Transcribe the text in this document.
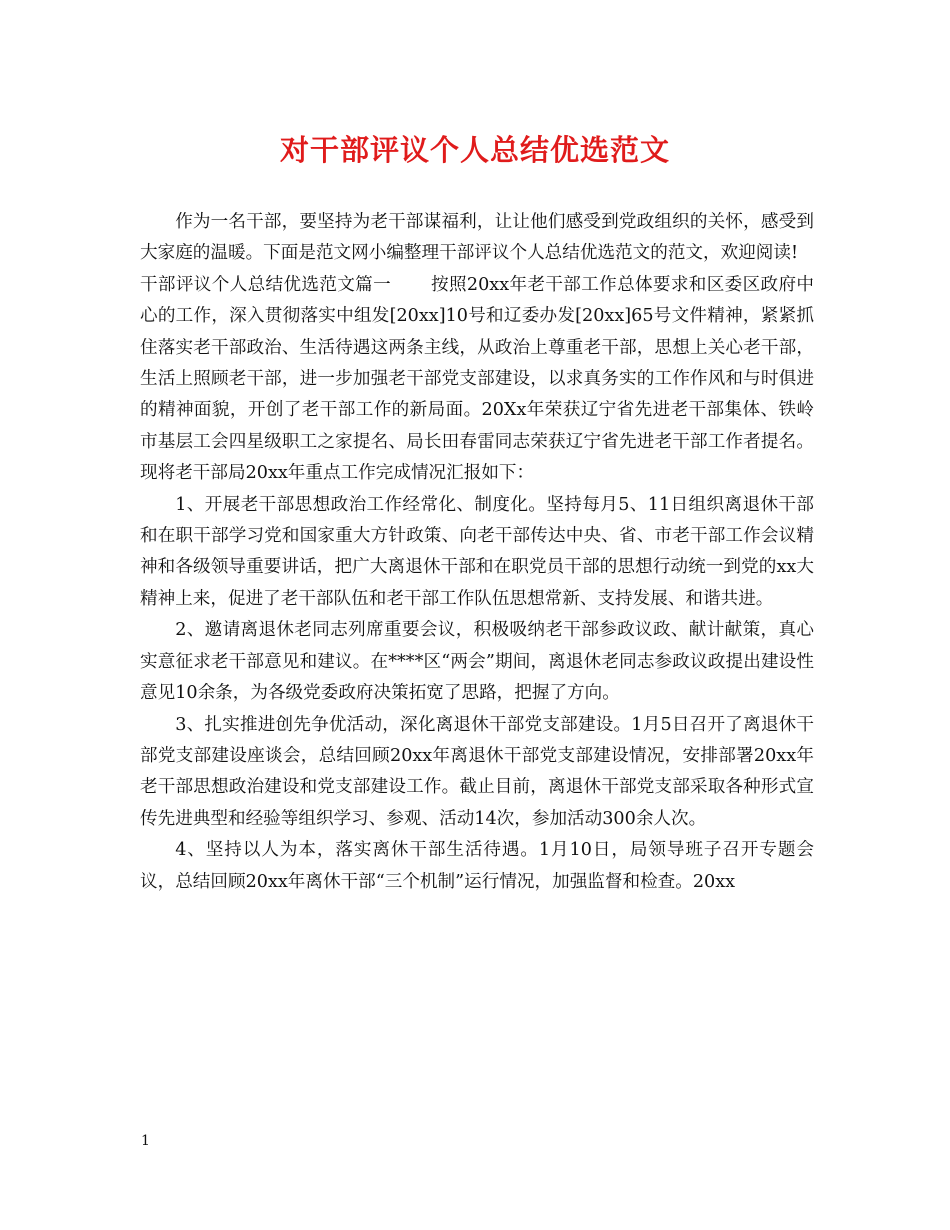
对干部评议个人总结优选范文

作为一名干部，要坚持为老干部谋福利，让让他们感受到党政组织的关怀，感受到大家庭的温暖。下面是范文网小编整理干部评议个人总结优选范文的范文，欢迎阅读!

干部评议个人总结优选范文篇一 按照20xx年老干部工作总体要求和区委区政府中心的工作，深入贯彻落实中组发[20xx]10号和辽委办发[20xx]65号文件精神，紧紧抓住落实老干部政治、生活待遇这两条主线，从政治上尊重老干部，思想上关心老干部，生活上照顾老干部，进一步加强老干部党支部建设，以求真务实的工作作风和与时俱进的精神面貌，开创了老干部工作的新局面。20Xx年荣获辽宁省先进老干部集体、铁岭市基层工会四星级职工之家提名、局长田春雷同志荣获辽宁省先进老干部工作者提名。现将老干部局20xx年重点工作完成情况汇报如下：

1、开展老干部思想政治工作经常化、制度化。坚持每月5、11日组织离退休干部和在职干部学习党和国家重大方针政策、向老干部传达中央、省、市老干部工作会议精神和各级领导重要讲话，把广大离退休干部和在职党员干部的思想行动统一到党的xx大精神上来，促进了老干部队伍和老干部工作队伍思想常新、支持发展、和谐共进。

2、邀请离退休老同志列席重要会议，积极吸纳老干部参政议政、献计献策，真心实意征求老干部意见和建议。在****区“两会”期间，离退休老同志参政议政提出建设性意见10余条，为各级党委政府决策拓宽了思路，把握了方向。

3、扎实推进创先争优活动，深化离退休干部党支部建设。1月5日召开了离退休干部党支部建设座谈会，总结回顾20xx年离退休干部党支部建设情况，安排部署20xx年老干部思想政治建设和党支部建设工作。截止目前，离退休干部党支部采取各种形式宣传先进典型和经验等组织学习、参观、活动14次，参加活动300余人次。

4、坚持以人为本，落实离休干部生活待遇。1月10日，局领导班子召开专题会议，总结回顾20xx年离休干部“三个机制”运行情况，加强监督和检查。20xx

1
